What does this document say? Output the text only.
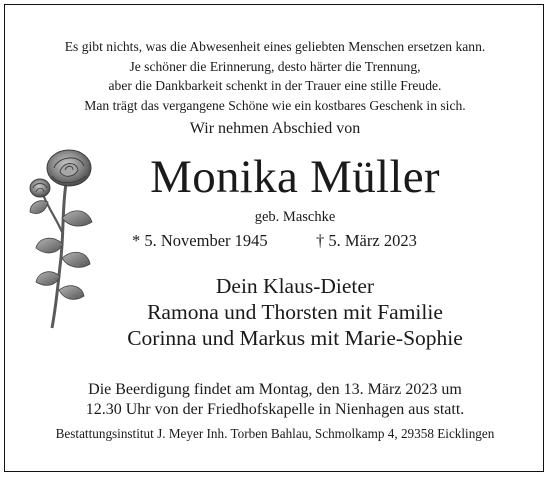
Es gibt nichts, was die Abwesenheit eines geliebten Menschen ersetzen kann.
Je schöner die Erinnerung, desto härter die Trennung,
aber die Dankbarkeit schenkt in der Trauer eine stille Freude.
Man trägt das vergangene Schöne wie ein kostbares Geschenk in sich.
Wir nehmen Abschied von
Monika Müller
geb. Maschke
* 5. November 1945	† 5. März 2023
Dein Klaus-Dieter
Ramona und Thorsten mit Familie
Corinna und Markus mit Marie-Sophie
Die Beerdigung findet am Montag, den 13. März 2023 um
12.30 Uhr von der Friedhofskapelle in Nienhagen aus statt.
Bestattungsinstitut J. Meyer Inh. Torben Bahlau, Schmolkamp 4, 29358 Eicklingen
